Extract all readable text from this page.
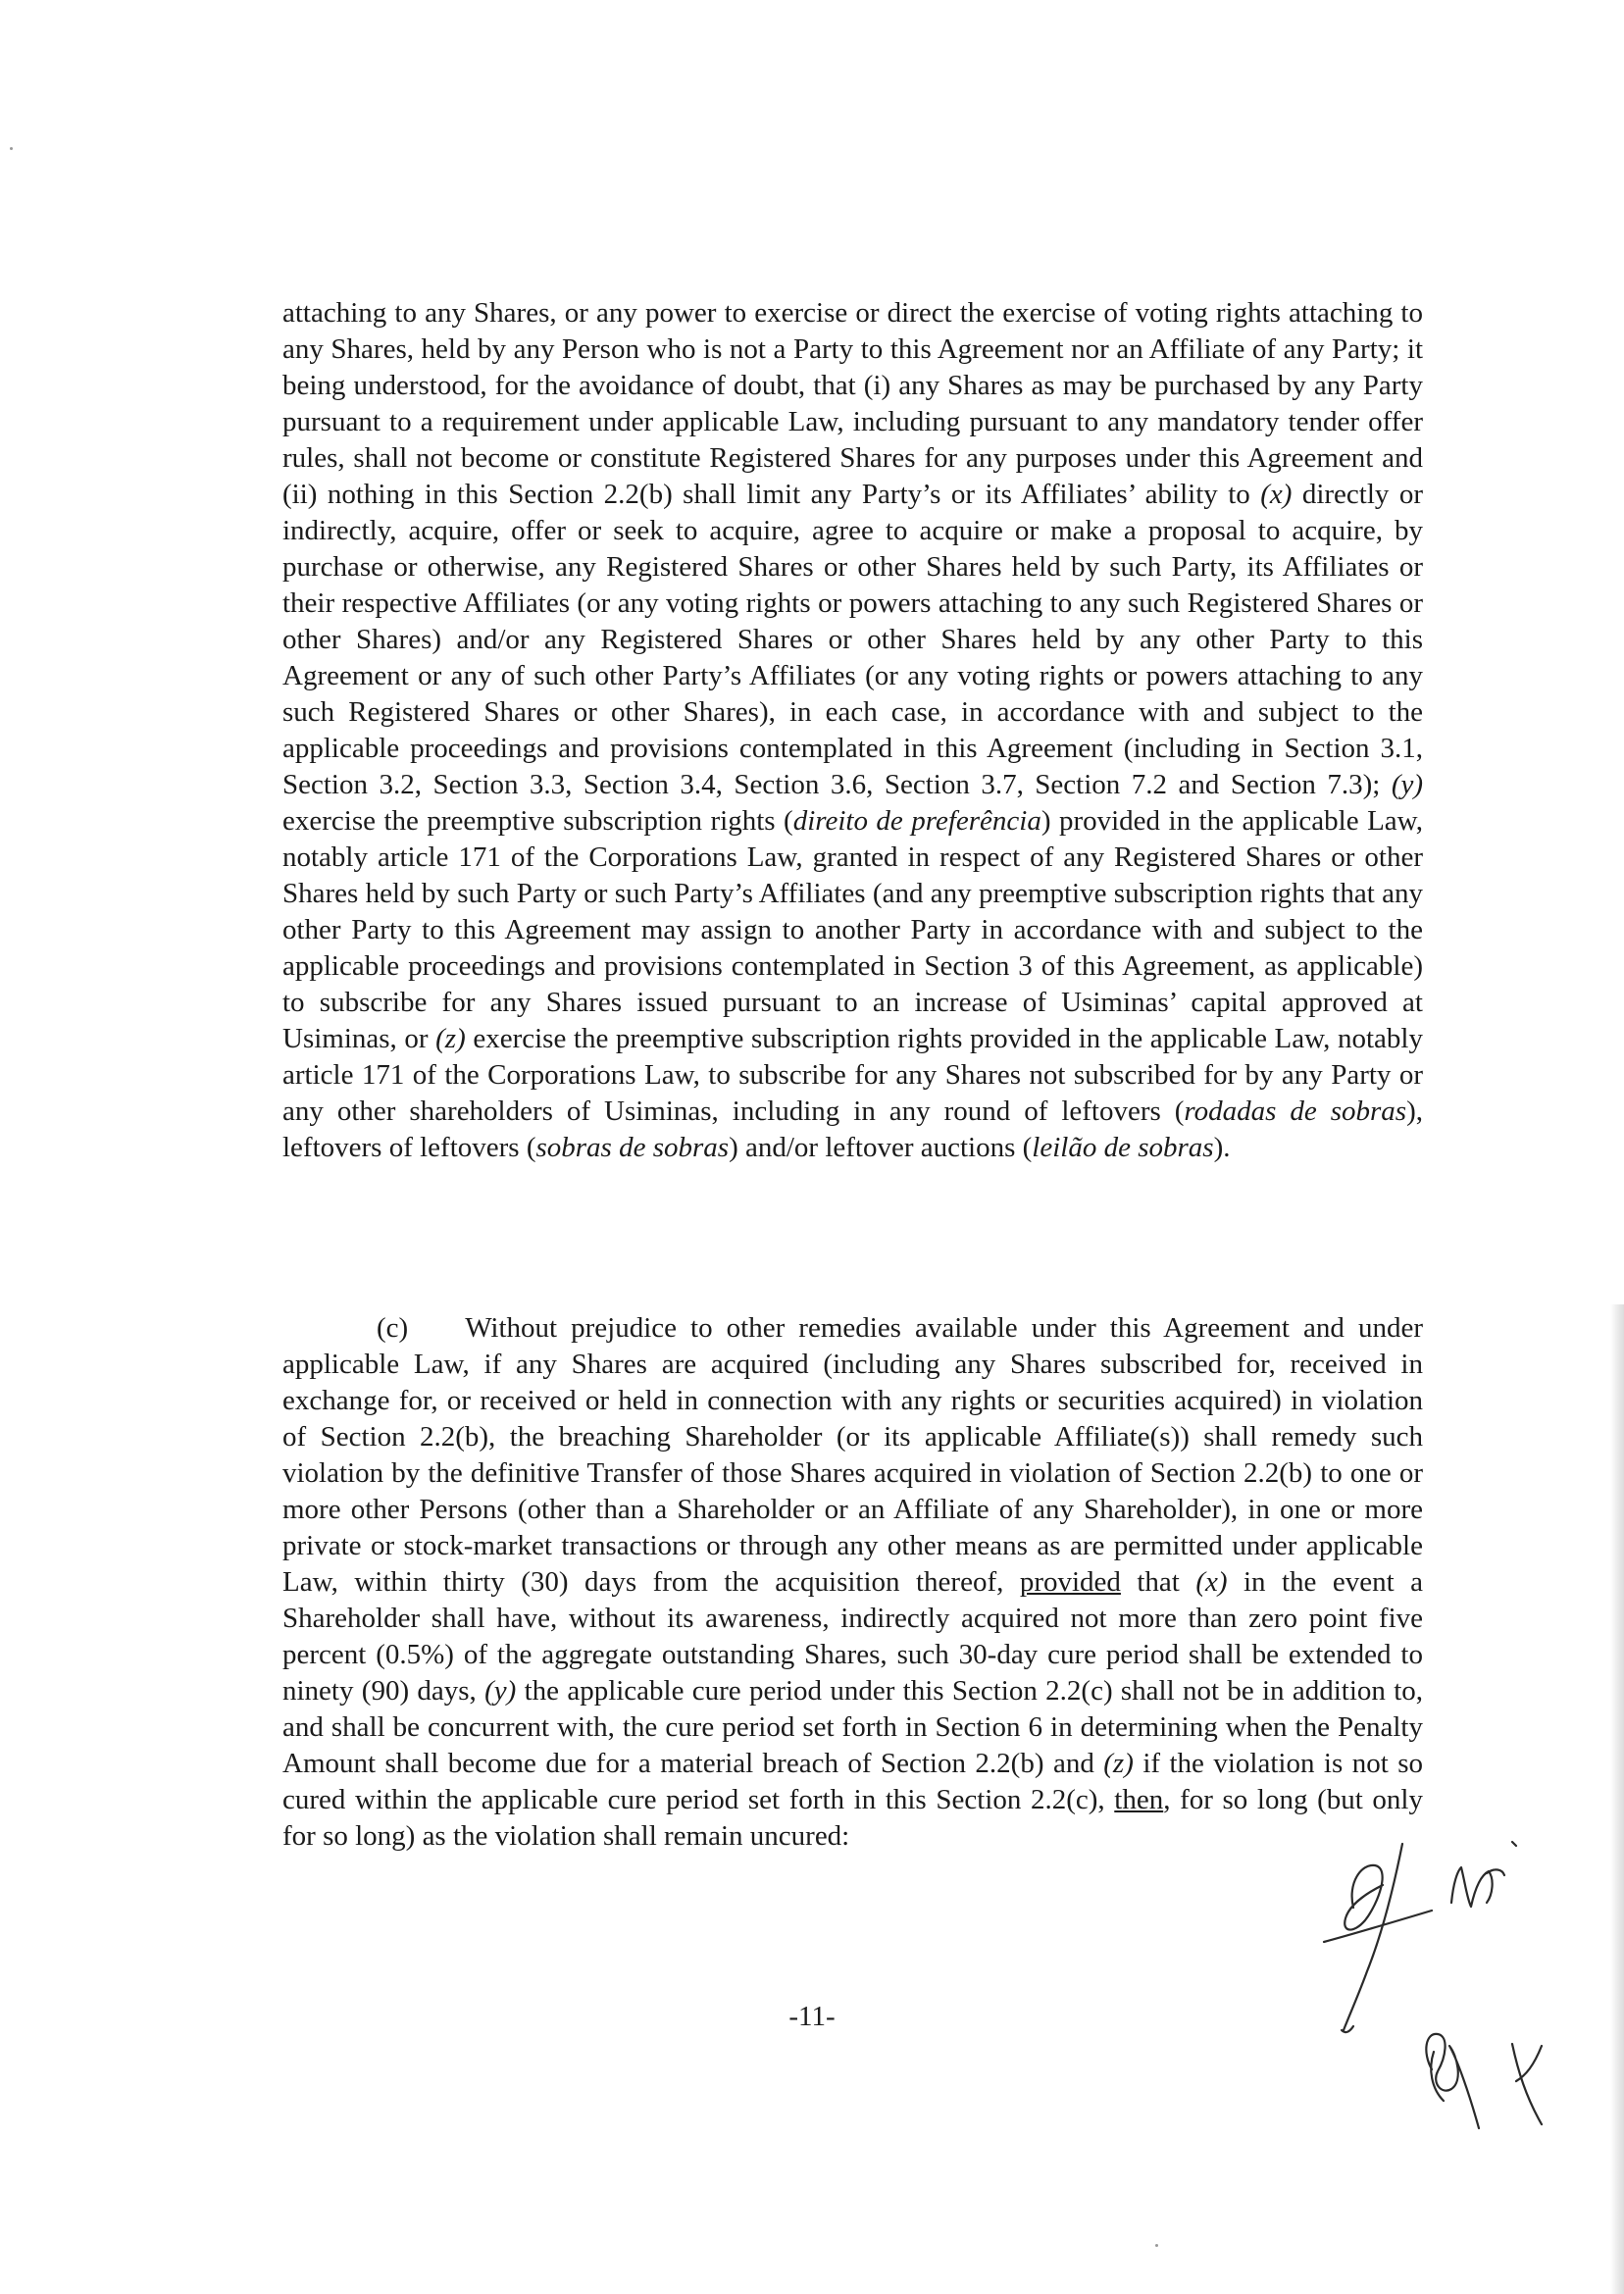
attaching to any Shares, or any power to exercise or direct the exercise of voting rights attaching to any Shares, held by any Person who is not a Party to this Agreement nor an Affiliate of any Party; it being understood, for the avoidance of doubt, that (i) any Shares as may be purchased by any Party pursuant to a requirement under applicable Law, including pursuant to any mandatory tender offer rules, shall not become or constitute Registered Shares for any purposes under this Agreement and (ii) nothing in this Section 2.2(b) shall limit any Party’s or its Affiliates’ ability to (x) directly or indirectly, acquire, offer or seek to acquire, agree to acquire or make a proposal to acquire, by purchase or otherwise, any Registered Shares or other Shares held by such Party, its Affiliates or their respective Affiliates (or any voting rights or powers attaching to any such Registered Shares or other Shares) and/or any Registered Shares or other Shares held by any other Party to this Agreement or any of such other Party’s Affiliates (or any voting rights or powers attaching to any such Registered Shares or other Shares), in each case, in accordance with and subject to the applicable proceedings and provisions contemplated in this Agreement (including in Section 3.1, Section 3.2, Section 3.3, Section 3.4, Section 3.6, Section 3.7, Section 7.2 and Section 7.3); (y) exercise the preemptive subscription rights (direito de preferência) provided in the applicable Law, notably article 171 of the Corporations Law, granted in respect of any Registered Shares or other Shares held by such Party or such Party’s Affiliates (and any preemptive subscription rights that any other Party to this Agreement may assign to another Party in accordance with and subject to the applicable proceedings and provisions contemplated in Section 3 of this Agreement, as applicable) to subscribe for any Shares issued pursuant to an increase of Usiminas’ capital approved at Usiminas, or (z) exercise the preemptive subscription rights provided in the applicable Law, notably article 171 of the Corporations Law, to subscribe for any Shares not subscribed for by any Party or any other shareholders of Usiminas, including in any round of leftovers (rodadas de sobras), leftovers of leftovers (sobras de sobras) and/or leftover auctions (leilão de sobras).

(c) Without prejudice to other remedies available under this Agreement and under applicable Law, if any Shares are acquired (including any Shares subscribed for, received in exchange for, or received or held in connection with any rights or securities acquired) in violation of Section 2.2(b), the breaching Shareholder (or its applicable Affiliate(s)) shall remedy such violation by the definitive Transfer of those Shares acquired in violation of Section 2.2(b) to one or more other Persons (other than a Shareholder or an Affiliate of any Shareholder), in one or more private or stock-market transactions or through any other means as are permitted under applicable Law, within thirty (30) days from the acquisition thereof, provided that (x) in the event a Shareholder shall have, without its awareness, indirectly acquired not more than zero point five percent (0.5%) of the aggregate outstanding Shares, such 30-day cure period shall be extended to ninety (90) days, (y) the applicable cure period under this Section 2.2(c) shall not be in addition to, and shall be concurrent with, the cure period set forth in Section 6 in determining when the Penalty Amount shall become due for a material breach of Section 2.2(b) and (z) if the violation is not so cured within the applicable cure period set forth in this Section 2.2(c), then, for so long (but only for so long) as the violation shall remain uncured:

-11-
